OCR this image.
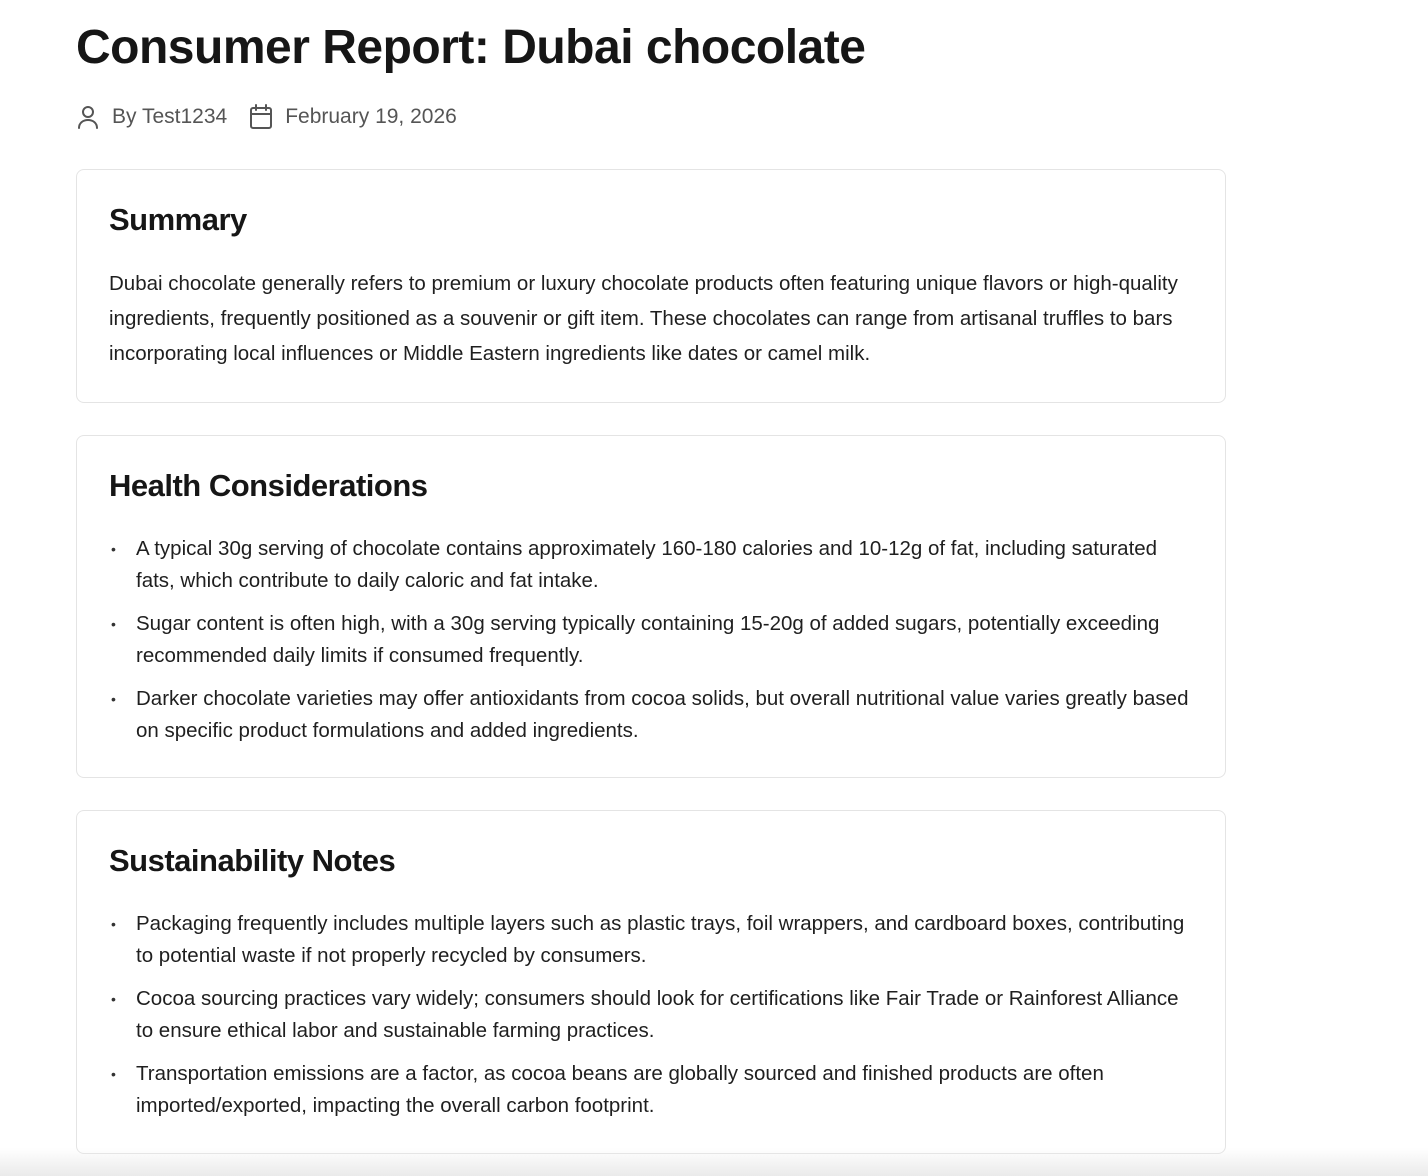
Consumer Report: Dubai chocolate
By Test1234	February 19, 2026
Summary

Dubai chocolate generally refers to premium or luxury chocolate products often featuring unique flavors or high-quality ingredients, frequently positioned as a souvenir or gift item. These chocolates can range from artisanal truffles to bars incorporating local influences or Middle Eastern ingredients like dates or camel milk.

Health Considerations
• A typical 30g serving of chocolate contains approximately 160-180 calories and 10-12g of fat, including saturated fats, which contribute to daily caloric and fat intake.
• Sugar content is often high, with a 30g serving typically containing 15-20g of added sugars, potentially exceeding recommended daily limits if consumed frequently.
• Darker chocolate varieties may offer antioxidants from cocoa solids, but overall nutritional value varies greatly based on specific product formulations and added ingredients.
Sustainability Notes
• Packaging frequently includes multiple layers such as plastic trays, foil wrappers, and cardboard boxes, contributing to potential waste if not properly recycled by consumers.
• Cocoa sourcing practices vary widely; consumers should look for certifications like Fair Trade or Rainforest Alliance to ensure ethical labor and sustainable farming practices.
• Transportation emissions are a factor, as cocoa beans are globally sourced and finished products are often imported/exported, impacting the overall carbon footprint.
